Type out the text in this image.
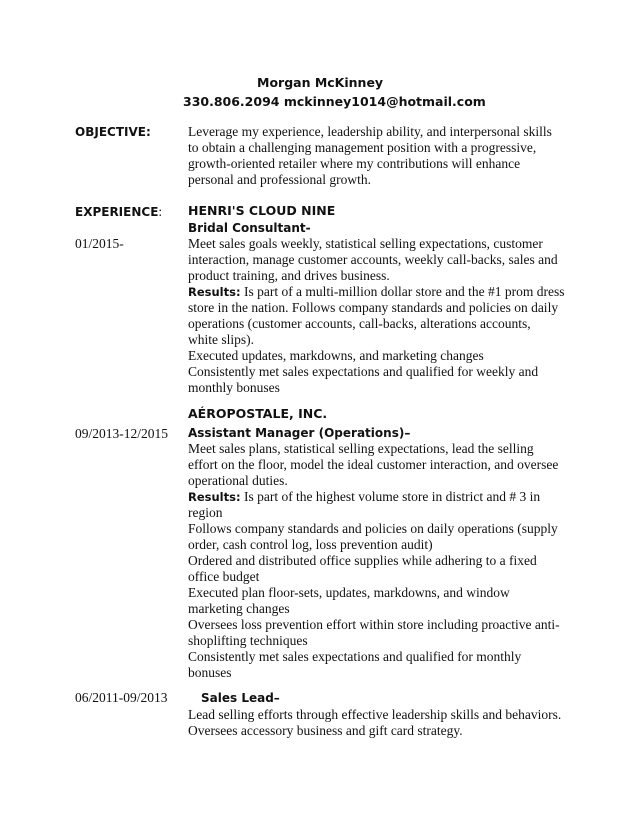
Morgan McKinney
330.806.2094 mckinney1014@hotmail.com
OBJECTIVE:	Leverage my experience, leadership ability, and interpersonal skills
to obtain a challenging management position with a progressive,
growth-oriented retailer where my contributions will enhance
personal and professional growth.
EXPERIENCE: HENRI'S CLOUD NINE
Bridal Consultant-
01/2015-	Meet sales goals weekly, statistical selling expectations, customer
interaction, manage customer accounts, weekly call-backs, sales and
product training, and drives business.
Results: Is part of a multi-million dollar store and the #1 prom dress
store in the nation. Follows company standards and policies on daily
operations (customer accounts, call-backs, alterations accounts,
white slips).
Executed updates, markdowns, and marketing changes
Consistently met sales expectations and qualified for weekly and
monthly bonuses
AÉROPOSTALE, INC.
Assistant Manager (Operations)–
09/2013-12/2015
Meet sales plans, statistical selling expectations, lead the selling
effort on the floor, model the ideal customer interaction, and oversee
operational duties.
Results: Is part of the highest volume store in district and # 3 in
region
Follows company standards and policies on daily operations (supply
order, cash control log, loss prevention audit)
Ordered and distributed office supplies while adhering to a fixed
office budget
Executed plan floor-sets, updates, markdowns, and window
marketing changes
Oversees loss prevention effort within store including proactive anti-
shoplifting techniques
Consistently met sales expectations and qualified for monthly
bonuses
Sales Lead–
06/2011-09/2013
Lead selling efforts through effective leadership skills and behaviors.
Oversees accessory business and gift card strategy.
